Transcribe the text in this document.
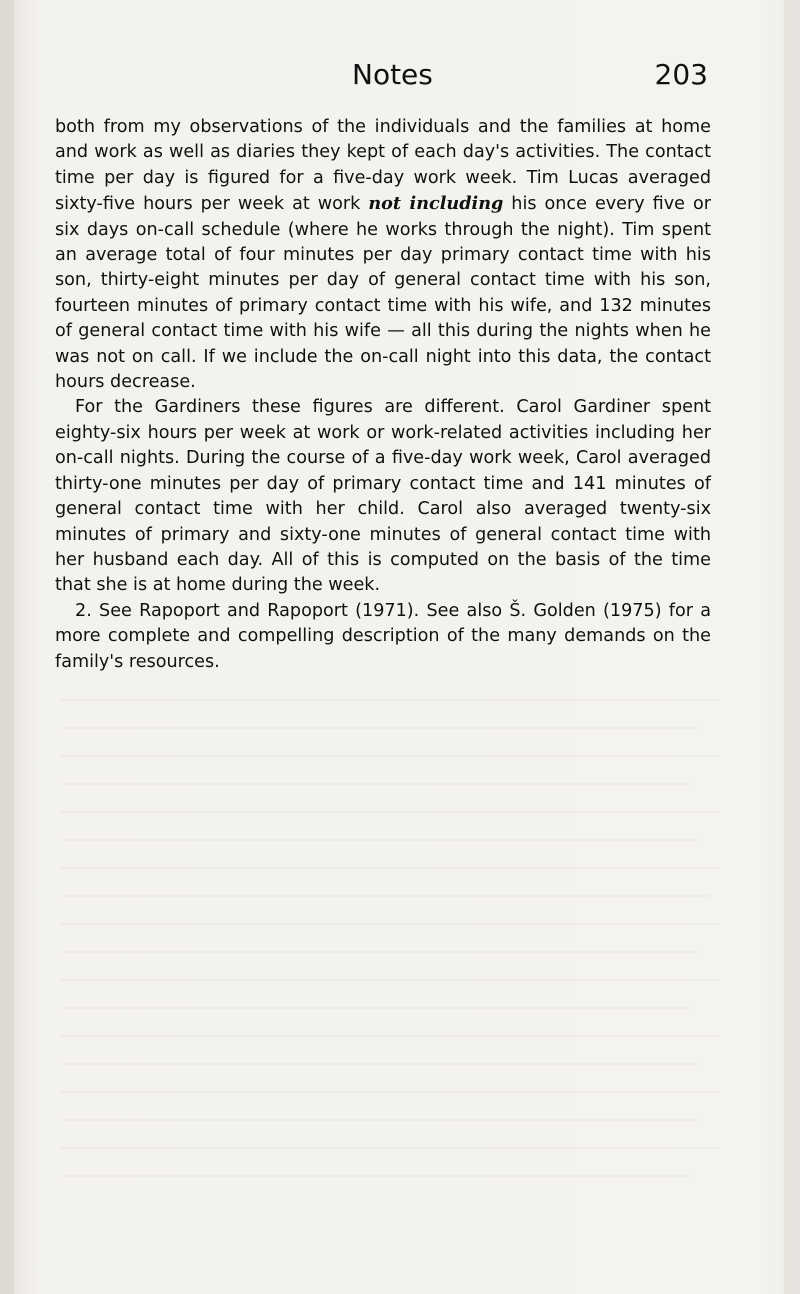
Notes	203

both from my observations of the individuals and the families at home and work as well as diaries they kept of each day's activities. The contact time per day is figured for a five-day work week. Tim Lucas averaged sixty-five hours per week at work not including his once every five or six days on-call schedule (where he works through the night). Tim spent an average total of four minutes per day primary contact time with his son, thirty-eight minutes per day of general contact time with his son, fourteen minutes of primary contact time with his wife, and 132 minutes of general contact time with his wife — all this during the nights when he was not on call. If we include the on-call night into this data, the contact hours decrease.

For the Gardiners these figures are different. Carol Gardiner spent eighty-six hours per week at work or work-related activities including her on-call nights. During the course of a five-day work week, Carol averaged thirty-one minutes per day of primary contact time and 141 minutes of general contact time with her child. Carol also averaged twenty-six minutes of primary and sixty-one minutes of general contact time with her husband each day. All of this is computed on the basis of the time that she is at home during the week.

2. See Rapoport and Rapoport (1971). See also Š. Golden (1975) for a more complete and compelling description of the many demands on the family's resources.
